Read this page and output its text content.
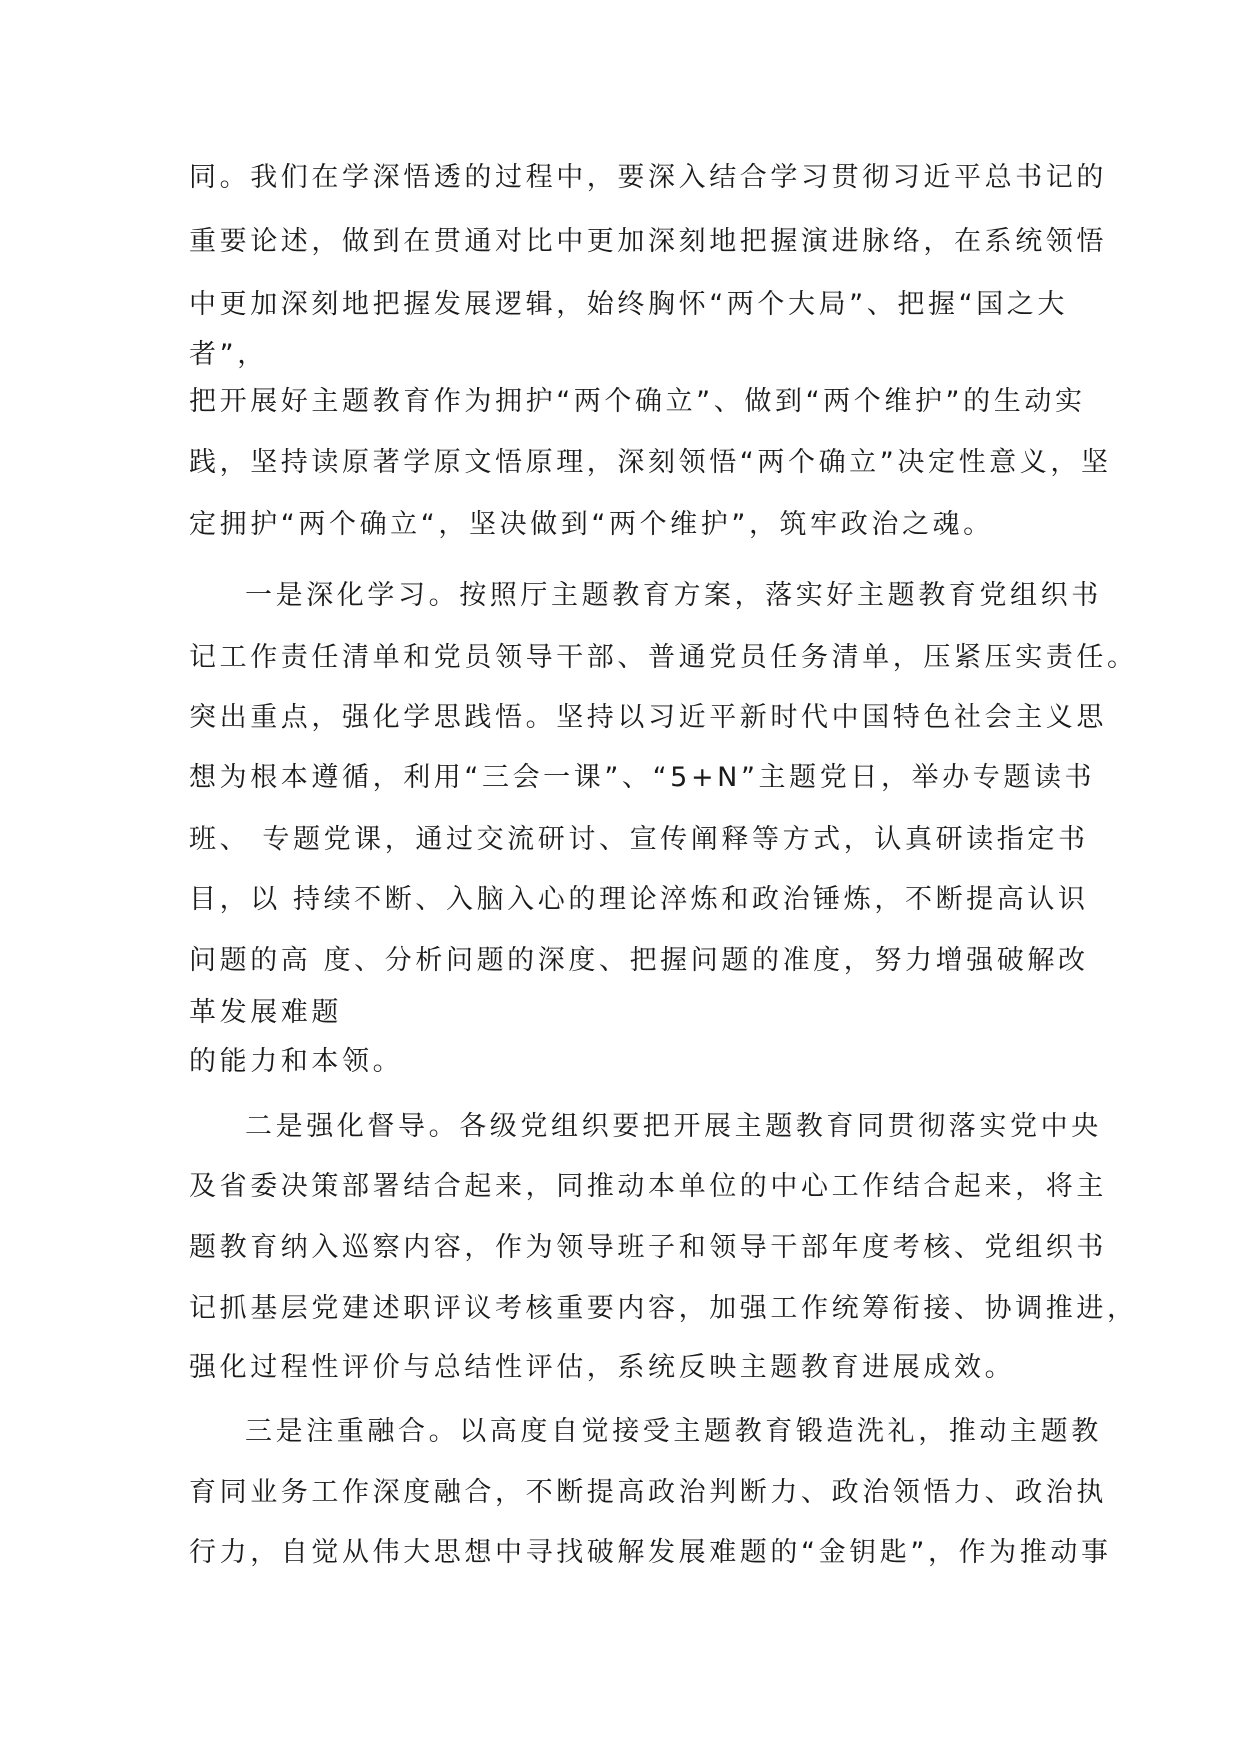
同。我们在学深悟透的过程中，要深入结合学习贯彻习近平总书记的
重要论述，做到在贯通对比中更加深刻地把握演进脉络，在系统领悟
中更加深刻地把握发展逻辑，始终胸怀“两个大局”、把握“国之大
者”，
把开展好主题教育作为拥护“两个确立”、做到“两个维护”的生动实
践，坚持读原著学原文悟原理，深刻领悟“两个确立”决定性意义，坚
定拥护“两个确立“，坚决做到“两个维护”，筑牢政治之魂。
一是深化学习。按照厅主题教育方案，落实好主题教育党组织书
记工作责任清单和党员领导干部、普通党员任务清单，压紧压实责任。
突出重点，强化学思践悟。坚持以习近平新时代中国特色社会主义思
想为根本遵循，利用“三会一课”、“5+N”主题党日，举办专题读书
班、 专题党课，通过交流研讨、宣传阐释等方式，认真研读指定书
目，以 持续不断、入脑入心的理论淬炼和政治锤炼，不断提高认识
问题的高 度、分析问题的深度、把握问题的准度，努力增强破解改
革发展难题
的能力和本领。
二是强化督导。各级党组织要把开展主题教育同贯彻落实党中央
及省委决策部署结合起来，同推动本单位的中心工作结合起来，将主
题教育纳入巡察内容，作为领导班子和领导干部年度考核、党组织书
记抓基层党建述职评议考核重要内容，加强工作统筹衔接、协调推进，
强化过程性评价与总结性评估，系统反映主题教育进展成效。
三是注重融合。以高度自觉接受主题教育锻造洗礼，推动主题教
育同业务工作深度融合，不断提高政治判断力、政治领悟力、政治执
行力，自觉从伟大思想中寻找破解发展难题的“金钥匙”，作为推动事
